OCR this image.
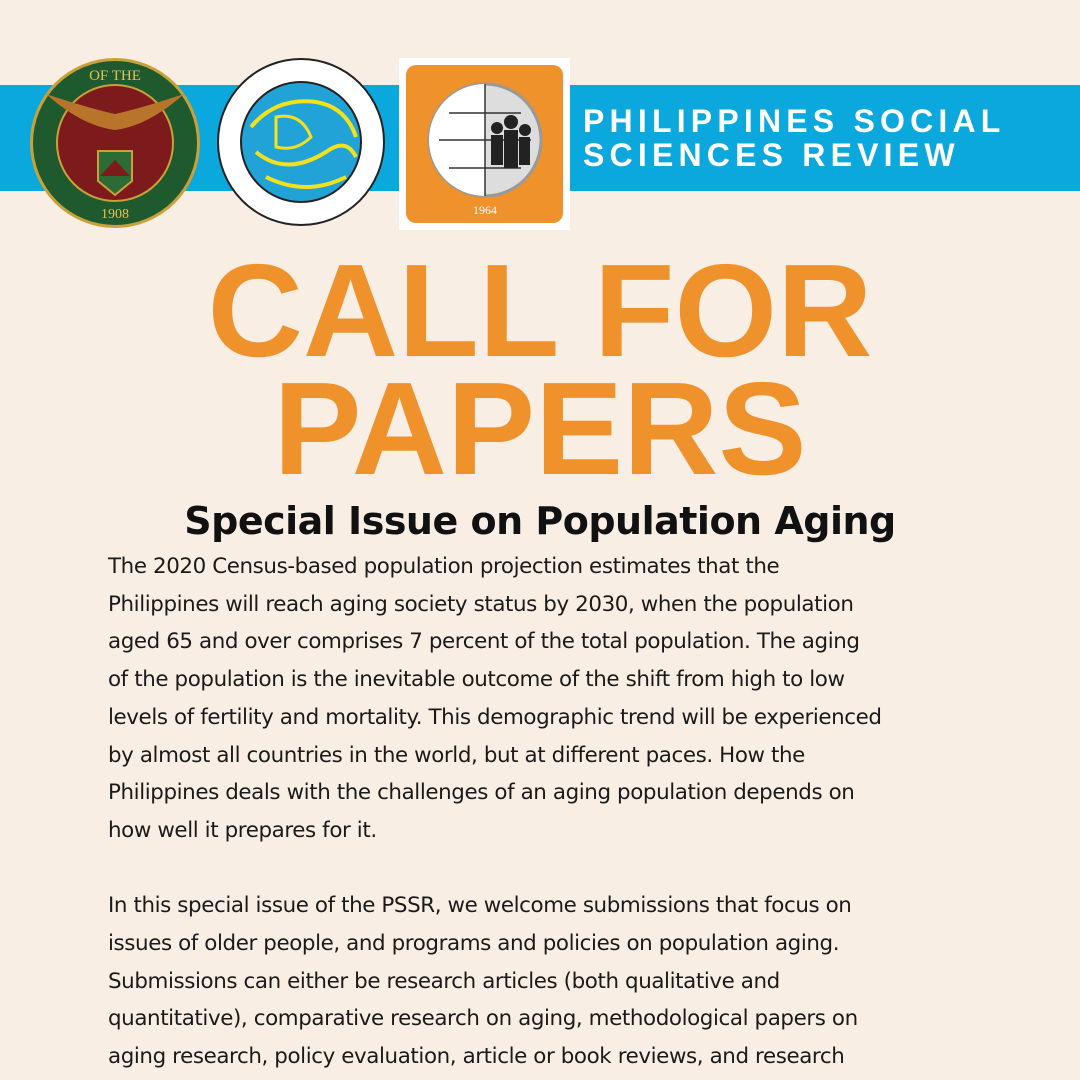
OF THE
1908	1964
PHILIPPINES SOCIAL
SCIENCES REVIEW
CALL FOR
PAPERS
Special Issue on Population Aging
The 2020 Census-based population projection estimates that the
Philippines will reach aging society status by 2030, when the population
aged 65 and over comprises 7 percent of the total population. The aging
of the population is the inevitable outcome of the shift from high to low
levels of fertility and mortality. This demographic trend will be experienced
by almost all countries in the world, but at different paces. How the
Philippines deals with the challenges of an aging population depends on
how well it prepares for it.
In this special issue of the PSSR, we welcome submissions that focus on
issues of older people, and programs and policies on population aging.
Submissions can either be research articles (both qualitative and
quantitative), comparative research on aging, methodological papers on
aging research, policy evaluation, article or book reviews, and research
